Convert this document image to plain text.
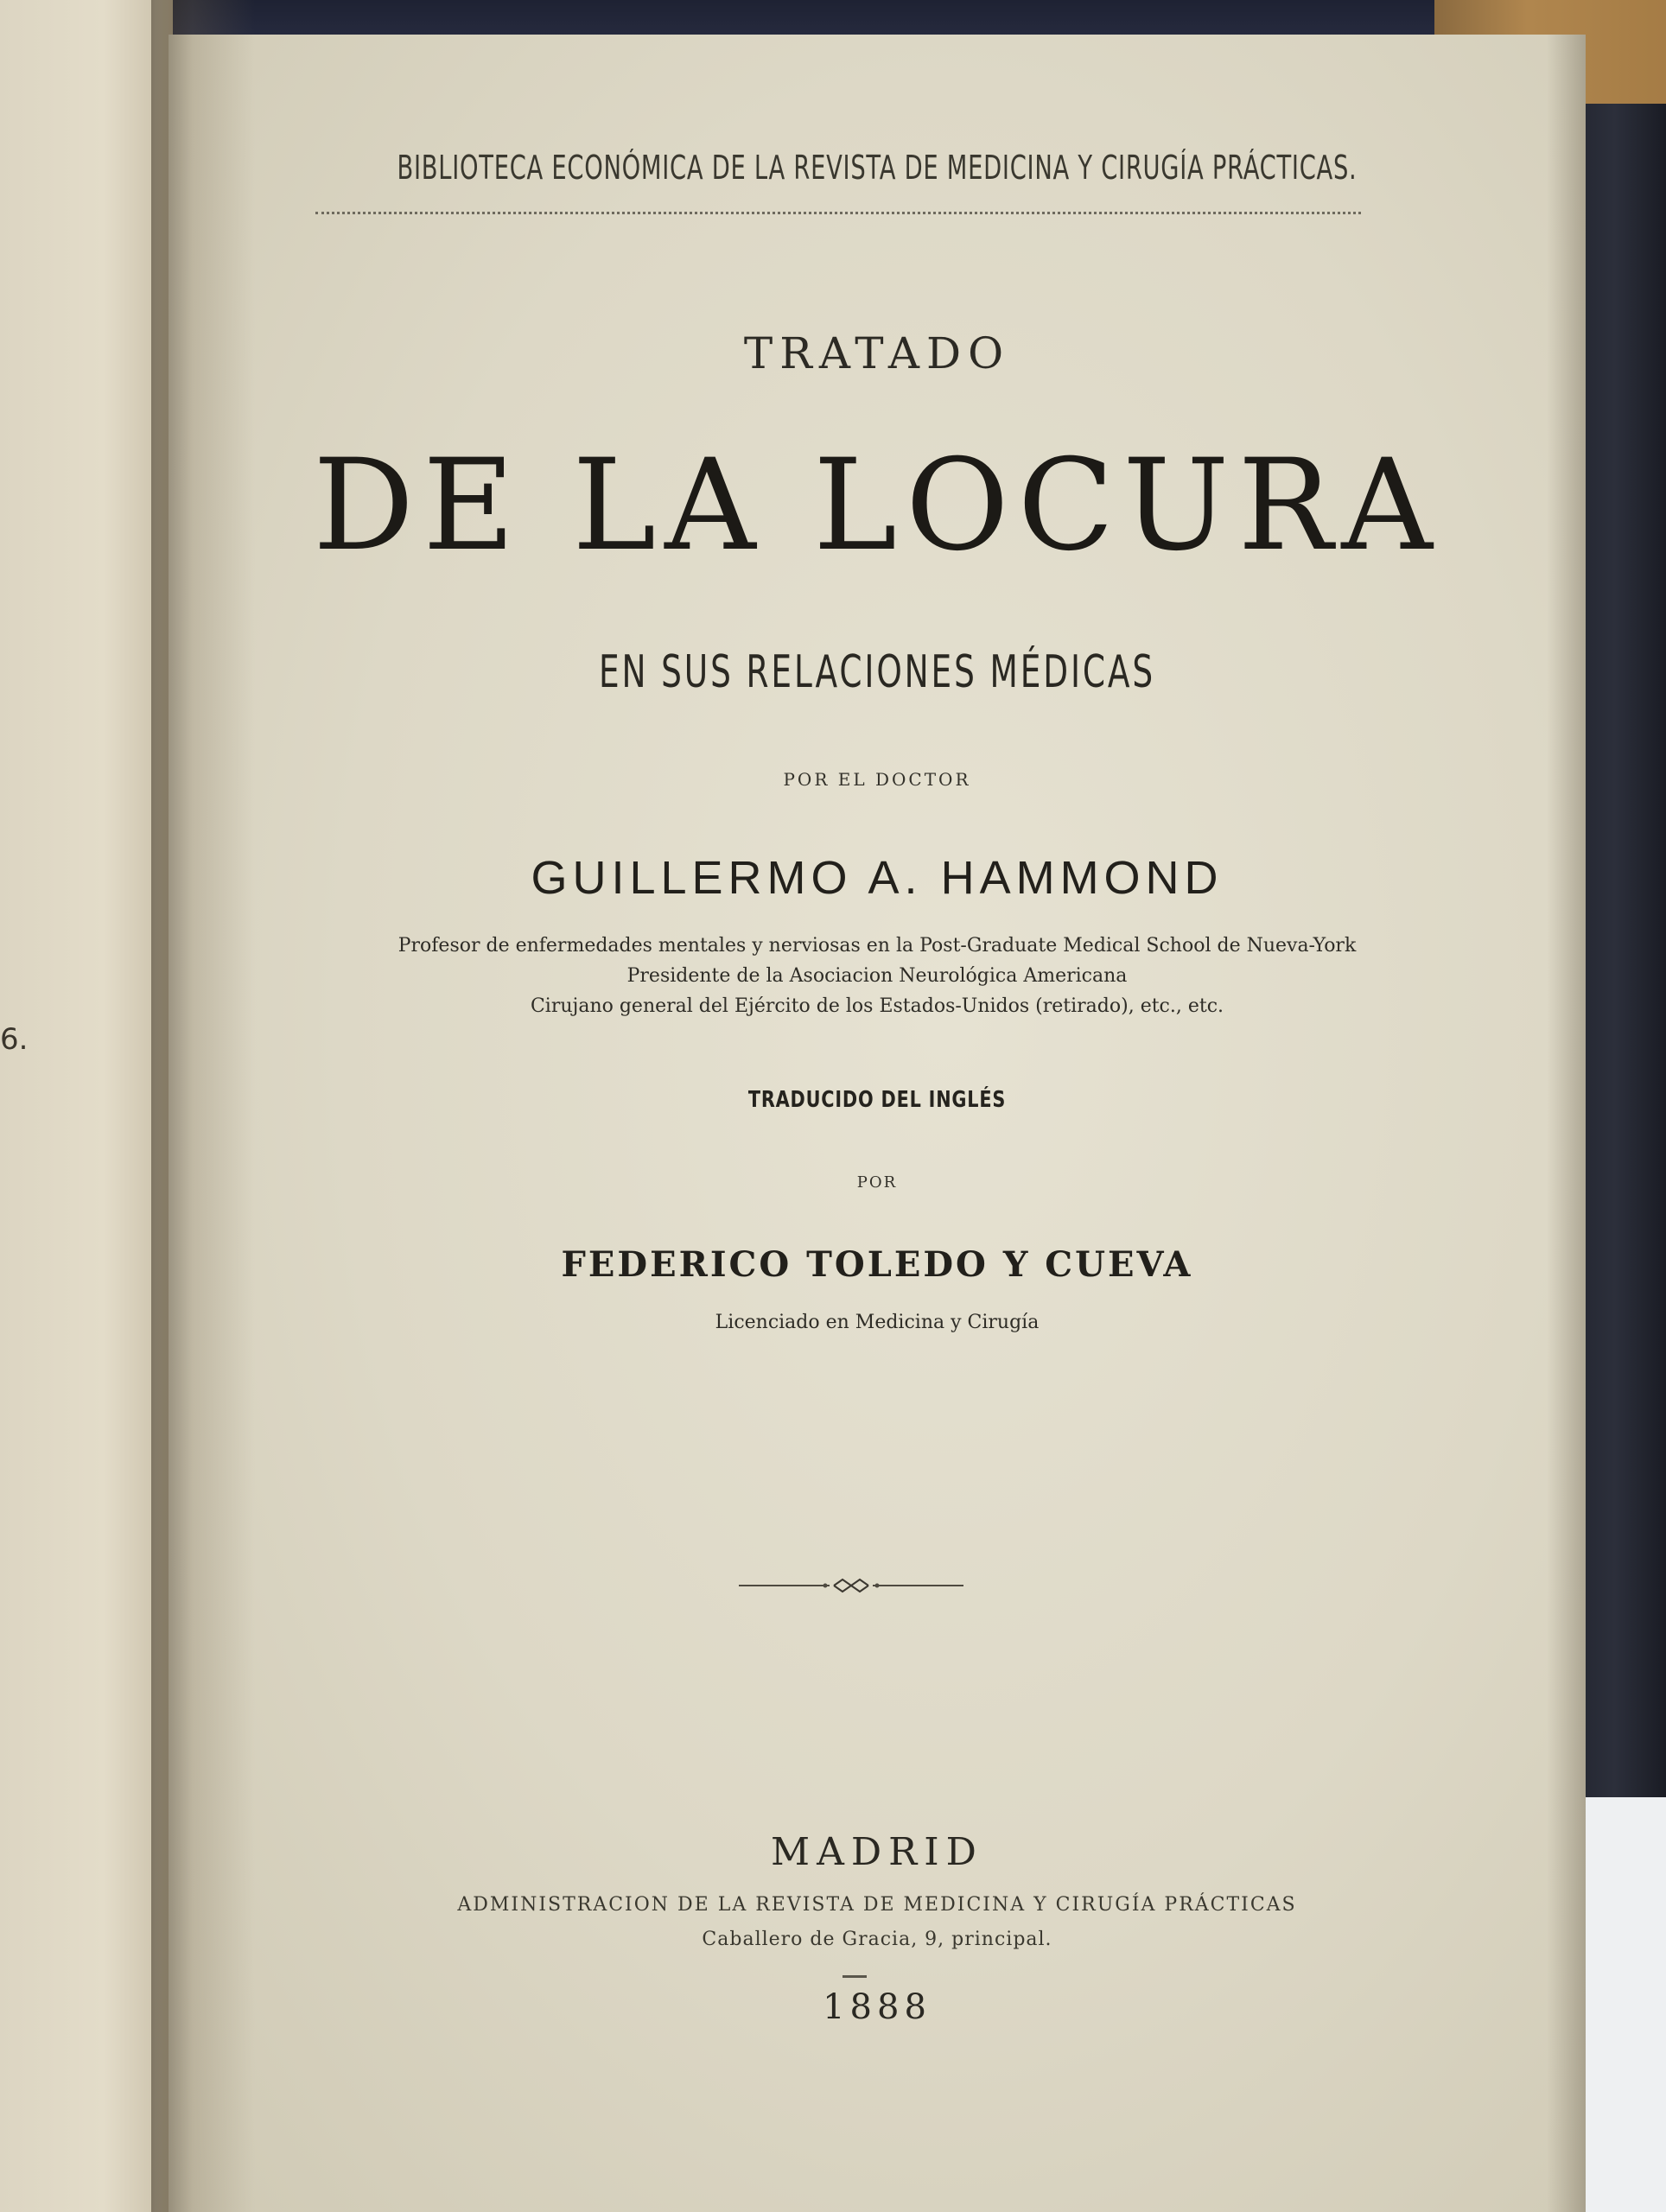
6.
BIBLIOTECA ECONÓMICA DE LA REVISTA DE MEDICINA Y CIRUGÍA PRÁCTICAS.
TRATADO
DE LA LOCURA
EN SUS RELACIONES MÉDICAS
POR EL DOCTOR
GUILLERMO A. HAMMOND
Profesor de enfermedades mentales y nerviosas en la Post-Graduate Medical School de Nueva-York
Presidente de la Asociacion Neurológica Americana
Cirujano general del Ejército de los Estados-Unidos (retirado), etc., etc.
TRADUCIDO DEL INGLÉS
POR
FEDERICO TOLEDO Y CUEVA
Licenciado en Medicina y Cirugía
MADRID
ADMINISTRACION DE LA REVISTA DE MEDICINA Y CIRUGÍA PRÁCTICAS
Caballero de Gracia, 9, principal.
1888
